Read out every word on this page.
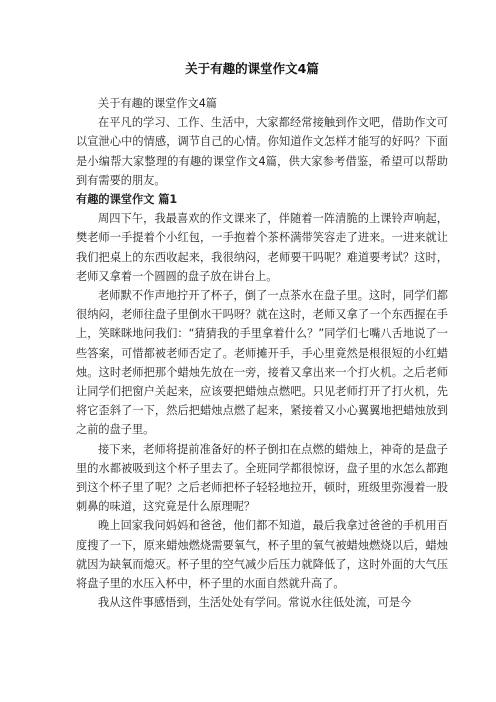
关于有趣的课堂作文4篇

关于有趣的课堂作文4篇

在平凡的学习、工作、生活中，大家都经常接触到作文吧，借助作文可以宣泄心中的情感，调节自己的心情。你知道作文怎样才能写的好吗？下面是小编帮大家整理的有趣的课堂作文4篇，供大家参考借鉴，希望可以帮助到有需要的朋友。

有趣的课堂作文 篇1

周四下午，我最喜欢的作文课来了，伴随着一阵清脆的上课铃声响起，樊老师一手提着个小红包，一手抱着个茶杯满带笑容走了进来。一进来就让我们把桌上的东西收起来，我很纳闷，老师要干吗呢？难道要考试？这时，老师又拿着一个圆圆的盘子放在讲台上。

老师默不作声地拧开了杯子，倒了一点茶水在盘子里。这时，同学们都很纳闷，老师往盘子里倒水干吗呀？就在这时，老师又拿了一个东西握在手上，笑眯眯地问我们：“猜猜我的手里拿着什么？”同学们七嘴八舌地说了一些答案，可惜都被老师否定了。老师摊开手，手心里竟然是根很短的小红蜡烛。这时老师把那个蜡烛先放在一旁，接着又拿出来一个打火机。之后老师让同学们把窗户关起来，应该要把蜡烛点燃吧。只见老师打开了打火机，先将它歪斜了一下，然后把蜡烛点燃了起来，紧接着又小心翼翼地把蜡烛放到之前的盘子里。

接下来，老师将提前准备好的杯子倒扣在点燃的蜡烛上，神奇的是盘子里的水都被吸到这个杯子里去了。全班同学都很惊讶，盘子里的水怎么都跑到这个杯子里了呢？之后老师把杯子轻轻地拉开，顿时，班级里弥漫着一股刺鼻的味道，这究竟是什么原理呢？

晚上回家我问妈妈和爸爸，他们都不知道，最后我拿过爸爸的手机用百度搜了一下，原来蜡烛燃烧需要氧气，杯子里的氧气被蜡烛燃烧以后，蜡烛就因为缺氧而熄灭。杯子里的空气减少后压力就降低了，这时外面的大气压将盘子里的水压入杯中，杯子里的水面自然就升高了。

我从这件事感悟到，生活处处有学问。常说水往低处流，可是今
